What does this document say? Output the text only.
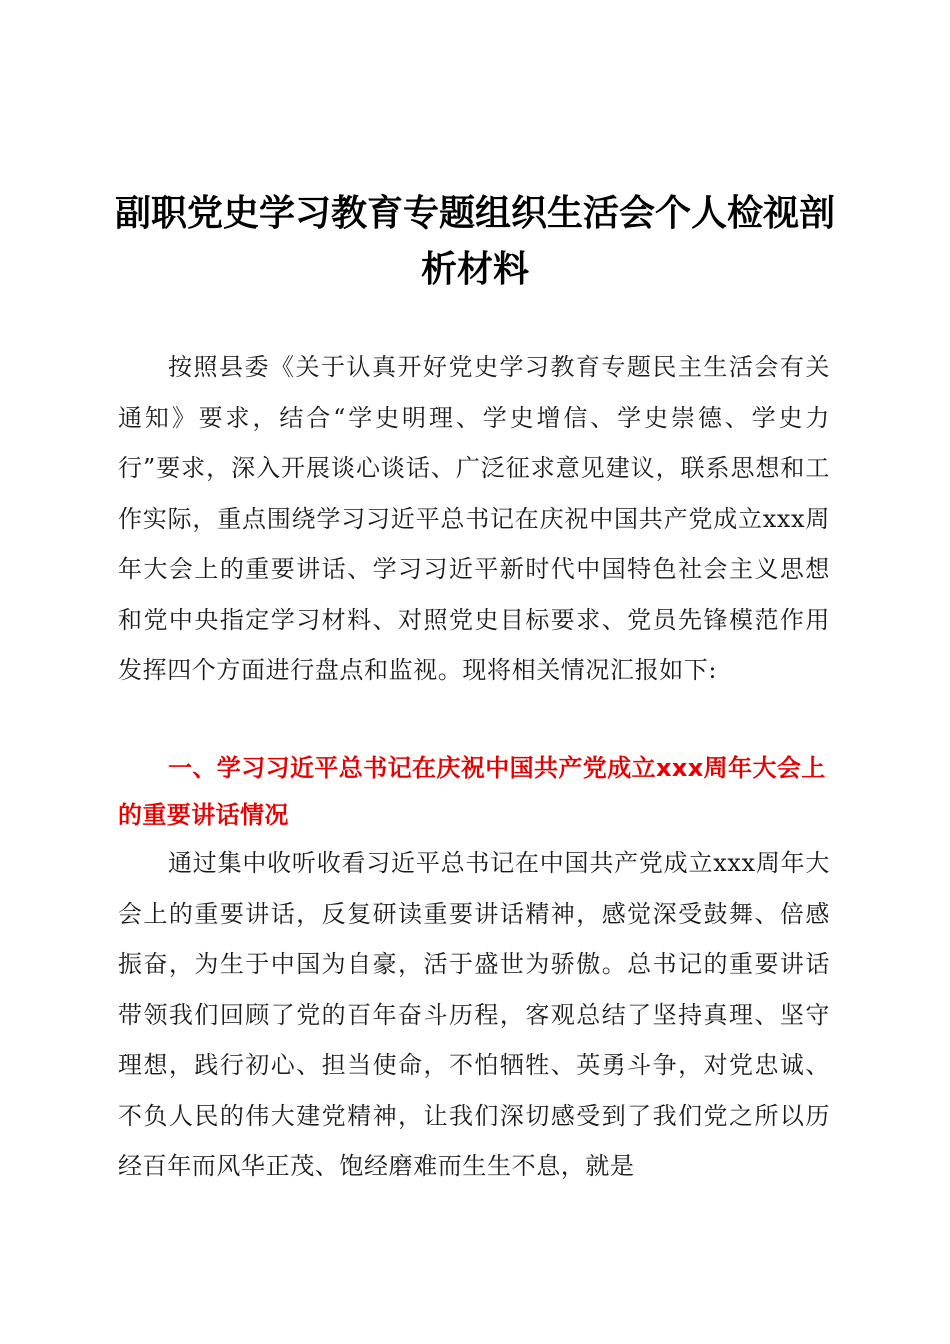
副职党史学习教育专题组织生活会个人检视剖析材料

按照县委《关于认真开好党史学习教育专题民主生活会有关通知》要求，结合“学史明理、学史增信、学史崇德、学史力行”要求，深入开展谈心谈话、广泛征求意见建议，联系思想和工作实际，重点围绕学习习近平总书记在庆祝中国共产党成立xxx周年大会上的重要讲话、学习习近平新时代中国特色社会主义思想和党中央指定学习材料、对照党史目标要求、党员先锋模范作用发挥四个方面进行盘点和监视。现将相关情况汇报如下:

一、学习习近平总书记在庆祝中国共产党成立xxx周年大会上的重要讲话情况

通过集中收听收看习近平总书记在中国共产党成立xxx周年大会上的重要讲话，反复研读重要讲话精神，感觉深受鼓舞、倍感振奋，为生于中国为自豪，活于盛世为骄傲。总书记的重要讲话带领我们回顾了党的百年奋斗历程，客观总结了坚持真理、坚守理想，践行初心、担当使命，不怕牺牲、英勇斗争，对党忠诚、不负人民的伟大建党精神，让我们深切感受到了我们党之所以历经百年而风华正茂、饱经磨难而生生不息，就是
